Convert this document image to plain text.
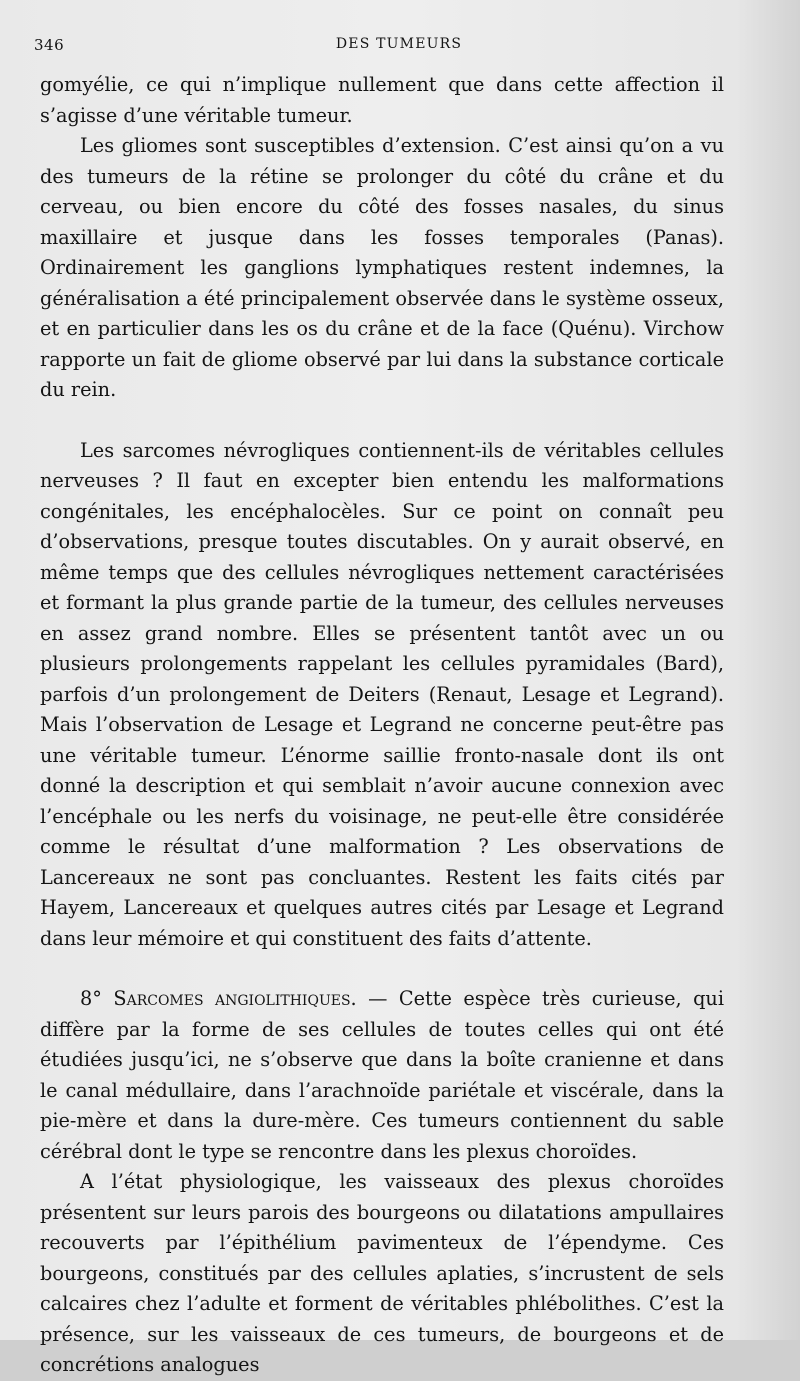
346	DES TUMEURS

gomyélie, ce qui n’implique nullement que dans cette affection il s’agisse d’une véritable tumeur.

Les gliomes sont susceptibles d’extension. C’est ainsi qu’on a vu des tumeurs de la rétine se prolonger du côté du crâne et du cerveau, ou bien encore du côté des fosses nasales, du sinus maxillaire et jusque dans les fosses temporales (Panas). Ordinairement les ganglions lymphatiques restent indemnes, la généralisation a été principalement observée dans le système osseux, et en particulier dans les os du crâne et de la face (Quénu). Virchow rapporte un fait de gliome observé par lui dans la substance corticale du rein.

Les sarcomes névrogliques contiennent-ils de véritables cellules nerveuses ? Il faut en excepter bien entendu les malformations congénitales, les encéphalocèles. Sur ce point on connaît peu d’observations, presque toutes discutables. On y aurait observé, en même temps que des cellules névrogliques nettement caractérisées et formant la plus grande partie de la tumeur, des cellules nerveuses en assez grand nombre. Elles se présentent tantôt avec un ou plusieurs prolongements rappelant les cellules pyramidales (Bard), parfois d’un prolongement de Deiters (Renaut, Lesage et Legrand). Mais l’observation de Lesage et Legrand ne concerne peut-être pas une véritable tumeur. L’énorme saillie fronto-nasale dont ils ont donné la description et qui semblait n’avoir aucune connexion avec l’encéphale ou les nerfs du voisinage, ne peut-elle être considérée comme le résultat d’une malformation ? Les observations de Lancereaux ne sont pas concluantes. Restent les faits cités par Hayem, Lancereaux et quelques autres cités par Lesage et Legrand dans leur mémoire et qui constituent des faits d’attente.

8° Sarcomes angiolithiques. — Cette espèce très curieuse, qui diffère par la forme de ses cellules de toutes celles qui ont été étudiées jusqu’ici, ne s’observe que dans la boîte cranienne et dans le canal médullaire, dans l’arachnoïde pariétale et viscérale, dans la pie-mère et dans la dure-mère. Ces tumeurs contiennent du sable cérébral dont le type se rencontre dans les plexus choroïdes.

A l’état physiologique, les vaisseaux des plexus choroïdes présentent sur leurs parois des bourgeons ou dilatations ampullaires recouverts par l’épithélium pavimenteux de l’épendyme. Ces bourgeons, constitués par des cellules aplaties, s’incrustent de sels calcaires chez l’adulte et forment de véritables phlébolithes. C’est la présence, sur les vaisseaux de ces tumeurs, de bourgeons et de concrétions analogues
